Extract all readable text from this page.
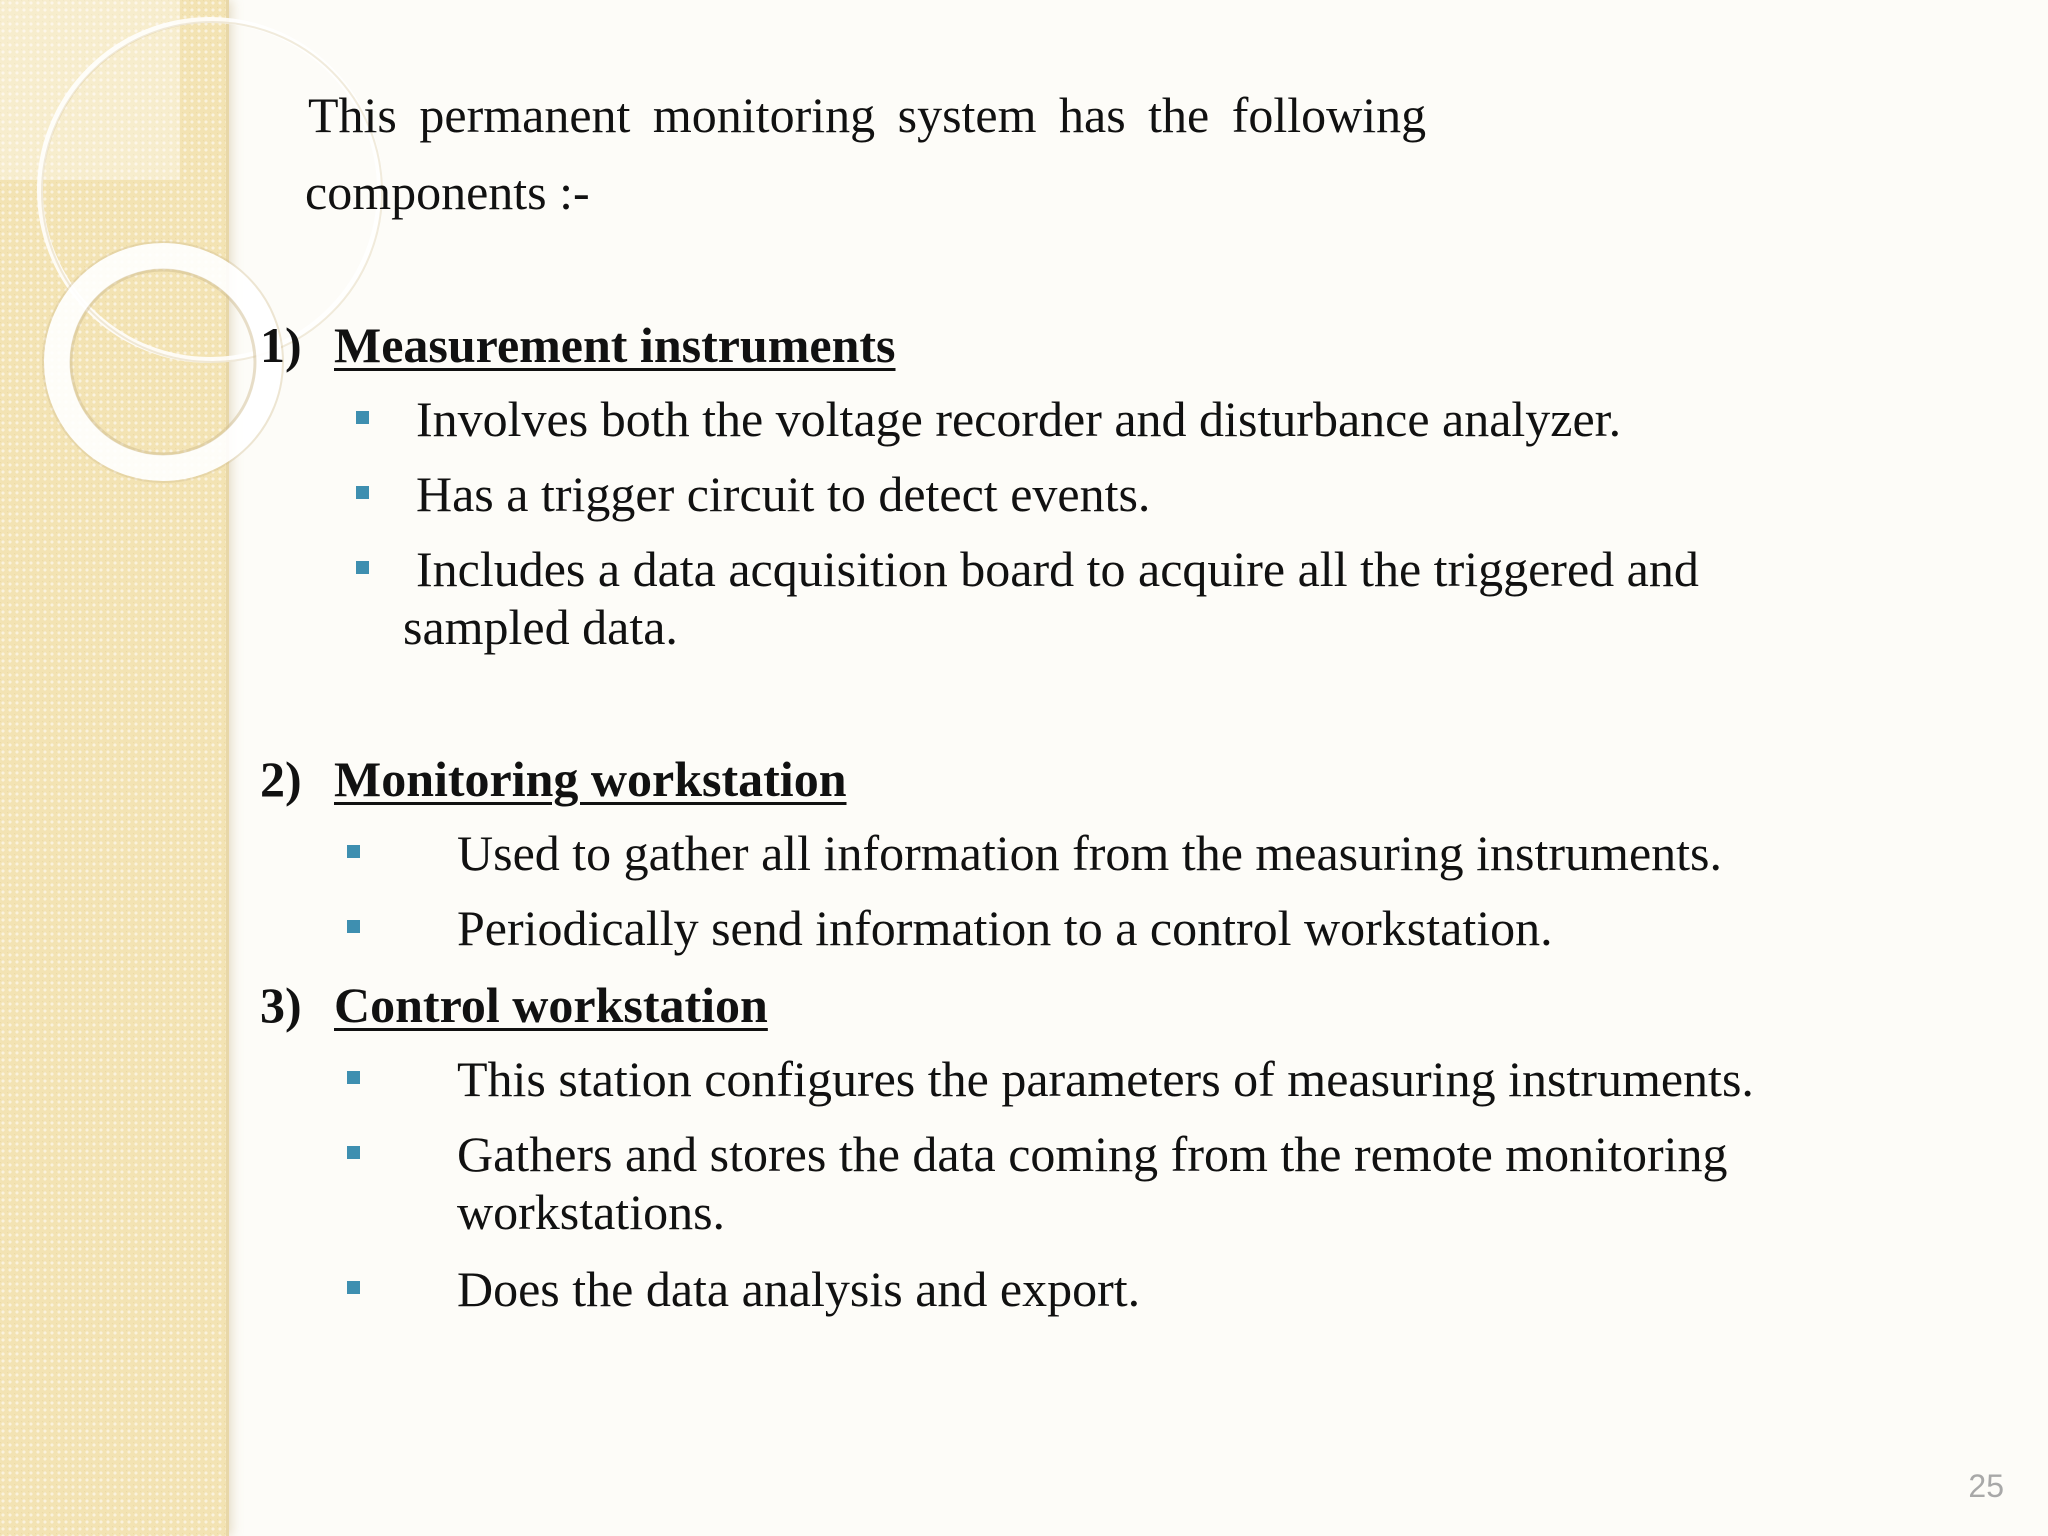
This permanent monitoring system has the following

components :-

1) Measurement instruments

Involves both the voltage recorder and disturbance analyzer.

Has a trigger circuit to detect events.

Includes a data acquisition board to acquire all the triggered and

sampled data.

2) Monitoring workstation

Used to gather all information from the measuring instruments.

Periodically send information to a control workstation.

3) Control workstation

This station configures the parameters of measuring instruments.

Gathers and stores the data coming from the remote monitoring

workstations.

Does the data analysis and export.

25
